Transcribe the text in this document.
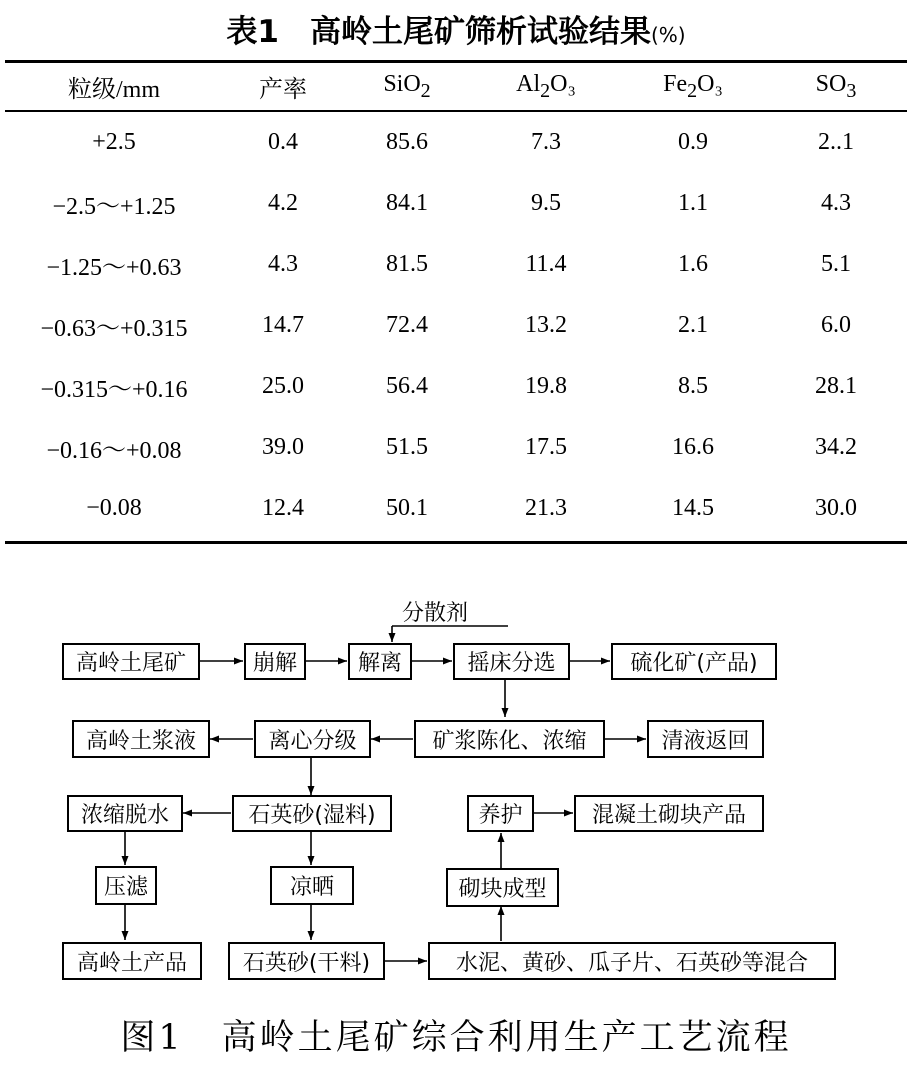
表1　高岭土尾矿筛析试验结果(%)
粒级/mm	产率	SiO$_2$	$Al_2O_3$	$Fe_2O_3$	$SO_3$
+2.5	0.4	85.6	7.3	0.9	2..1
−2.5～+1.25	4.2	84.1	9.5	1.1	4.3
−1.25～+0.63	4.3	81.5	11.4	1.6	5.1
−0.63～+0.315	14.7	72.4	13.2	2.1	6.0
−0.315～+0.16	25.0	56.4	19.8	8.5	28.1
−0.16～+0.08	39.0	51.5	17.5	16.6	34.2
−0.08	12.4	50.1	21.3	14.5	30.0
分散剂
高岭土尾矿	崩解	解离	摇床分选	硫化矿(产品)
高岭土浆液	离心分级	矿浆陈化、浓缩	清液返回
浓缩脱水	石英砂(湿料)	养护	混凝土砌块产品
压滤	凉晒	砌块成型
高岭土产品	石英砂(干料)	水泥、黄砂、瓜子片、石英砂等混合
图1　高岭土尾矿综合利用生产工艺流程
